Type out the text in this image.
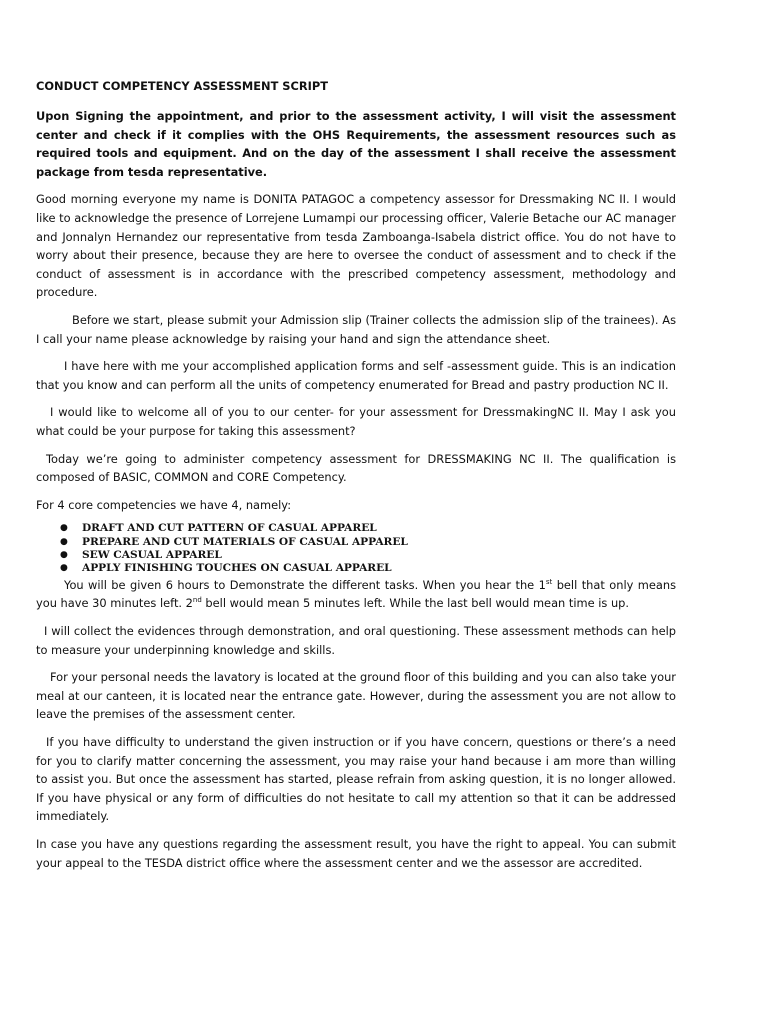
CONDUCT COMPETENCY ASSESSMENT SCRIPT

Upon Signing the appointment, and prior to the assessment activity, I will visit the assessment center and check if it complies with the OHS Requirements, the assessment resources such as required tools and equipment. And on the day of the assessment I shall receive the assessment package from tesda representative.

Good morning everyone my name is DONITA PATAGOC a competency assessor for Dressmaking NC II. I would like to acknowledge the presence of Lorrejene Lumampi our processing officer, Valerie Betache our AC manager and Jonnalyn Hernandez our representative from tesda Zamboanga-Isabela district office. You do not have to worry about their presence, because they are here to oversee the conduct of assessment and to check if the conduct of assessment is in accordance with the prescribed competency assessment, methodology and procedure.

Before we start, please submit your Admission slip (Trainer collects the admission slip of the trainees). As I call your name please acknowledge by raising your hand and sign the attendance sheet.

I have here with me your accomplished application forms and self -assessment guide. This is an indication that you know and can perform all the units of competency enumerated for Bread and pastry production NC II.

I would like to welcome all of you to our center- for your assessment for DressmakingNC II. May I ask you what could be your purpose for taking this assessment?

Today we’re going to administer competency assessment for DRESSMAKING NC II. The qualification is composed of BASIC, COMMON and CORE Competency.

For 4 core competencies we have 4, namely:

● DRAFT AND CUT PATTERN OF CASUAL APPAREL
● PREPARE AND CUT MATERIALS OF CASUAL APPAREL
● SEW CASUAL APPAREL
● APPLY FINISHING TOUCHES ON CASUAL APPAREL

You will be given 6 hours to Demonstrate the different tasks. When you hear the 1st bell that only means you have 30 minutes left. 2nd bell would mean 5 minutes left. While the last bell would mean time is up.

I will collect the evidences through demonstration, and oral questioning. These assessment methods can help to measure your underpinning knowledge and skills.

For your personal needs the lavatory is located at the ground floor of this building and you can also take your meal at our canteen, it is located near the entrance gate. However, during the assessment you are not allow to leave the premises of the assessment center.

If you have difficulty to understand the given instruction or if you have concern, questions or there’s a need for you to clarify matter concerning the assessment, you may raise your hand because i am more than willing to assist you. But once the assessment has started, please refrain from asking question, it is no longer allowed. If you have physical or any form of difficulties do not hesitate to call my attention so that it can be addressed immediately.

In case you have any questions regarding the assessment result, you have the right to appeal. You can submit your appeal to the TESDA district office where the assessment center and we the assessor are accredited.
